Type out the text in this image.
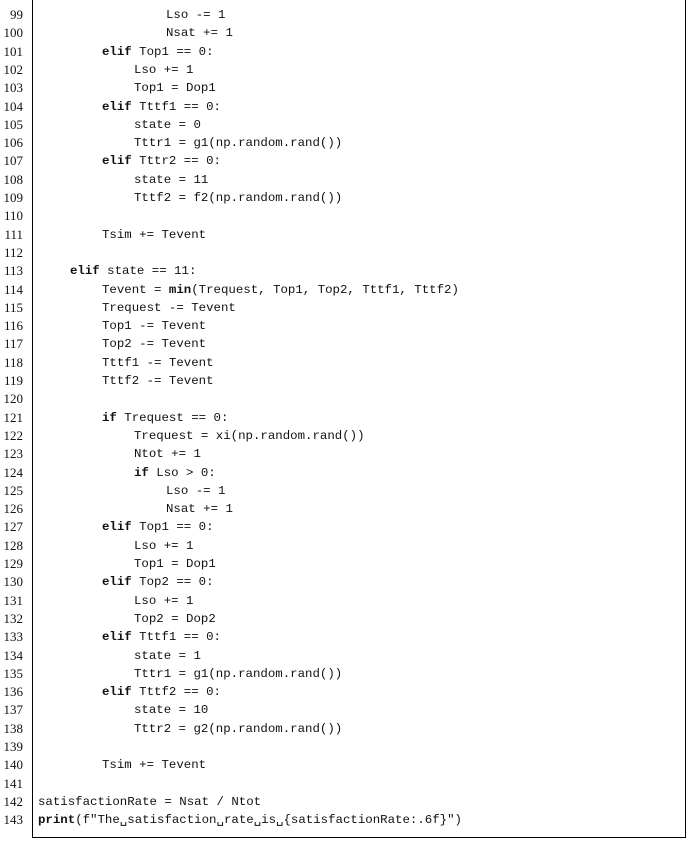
99	Lso -= 1
100	Nsat += 1
101	elif Top1 == 0:
102	Lso += 1
103	Top1 = Dop1
104	elif Tttf1 == 0:
105	state = 0
106	Tttr1 = g1(np.random.rand())
107	elif Tttr2 == 0:
108	state = 11
109	Tttf2 = f2(np.random.rand())
110
111	Tsim += Tevent
112
113	elif state == 11:
114	Tevent = min(Trequest, Top1, Top2, Tttf1, Tttf2)
115	Trequest -= Tevent
116	Top1 -= Tevent
117	Top2 -= Tevent
118	Tttf1 -= Tevent
119	Tttf2 -= Tevent
120
121	if Trequest == 0:
122	Trequest = xi(np.random.rand())
123	Ntot += 1
124	if Lso > 0:
125	Lso -= 1
126	Nsat += 1
127	elif Top1 == 0:
128	Lso += 1
129	Top1 = Dop1
130	elif Top2 == 0:
131	Lso += 1
132	Top2 = Dop2
133	elif Tttf1 == 0:
134	state = 1
135	Tttr1 = g1(np.random.rand())
136	elif Tttf2 == 0:
137	state = 10
138	Tttr2 = g2(np.random.rand())
139
140	Tsim += Tevent
141
142 satisfactionRate = Nsat / Ntot
143 print(f"The␣satisfaction␣rate␣is␣{satisfactionRate:.6f}")
